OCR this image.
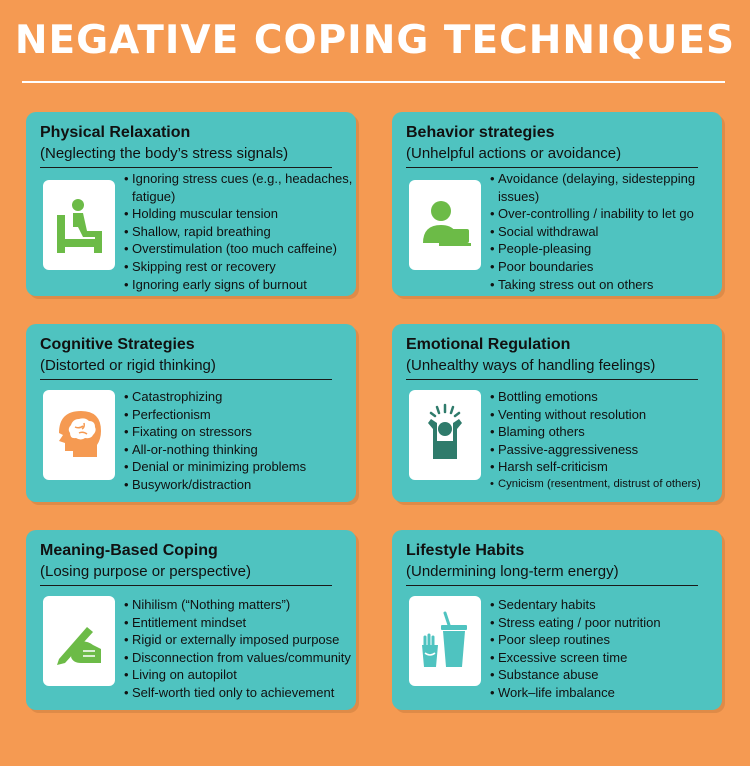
NEGATIVE COPING TECHNIQUES
Physical Relaxation
(Neglecting the body’s stress signals)
• Ignoring stress cues (e.g., headaches, fatigue)
• Holding muscular tension
• Shallow, rapid breathing
• Overstimulation (too much caffeine)
• Skipping rest or recovery
• Ignoring early signs of burnout
Behavior strategies
(Unhelpful actions or avoidance)
• Avoidance (delaying, sidestepping issues)
• Over-controlling / inability to let go
• Social withdrawal
• People-pleasing
• Poor boundaries
• Taking stress out on others
Cognitive Strategies
(Distorted or rigid thinking)
• Catastrophizing
• Perfectionism
• Fixating on stressors
• All-or-nothing thinking
• Denial or minimizing problems
• Busywork/distraction
Emotional Regulation
(Unhealthy ways of handling feelings)
• Bottling emotions
• Venting without resolution
• Blaming others
• Passive-aggressiveness
• Harsh self-criticism
• Cynicism (resentment, distrust of others)
Meaning-Based Coping
(Losing purpose or perspective)
• Nihilism (“Nothing matters”)
• Entitlement mindset
• Rigid or externally imposed purpose
• Disconnection from values/community
• Living on autopilot
• Self-worth tied only to achievement
Lifestyle Habits
(Undermining long-term energy)
• Sedentary habits
• Stress eating / poor nutrition
• Poor sleep routines
• Excessive screen time
• Substance abuse
• Work–life imbalance
